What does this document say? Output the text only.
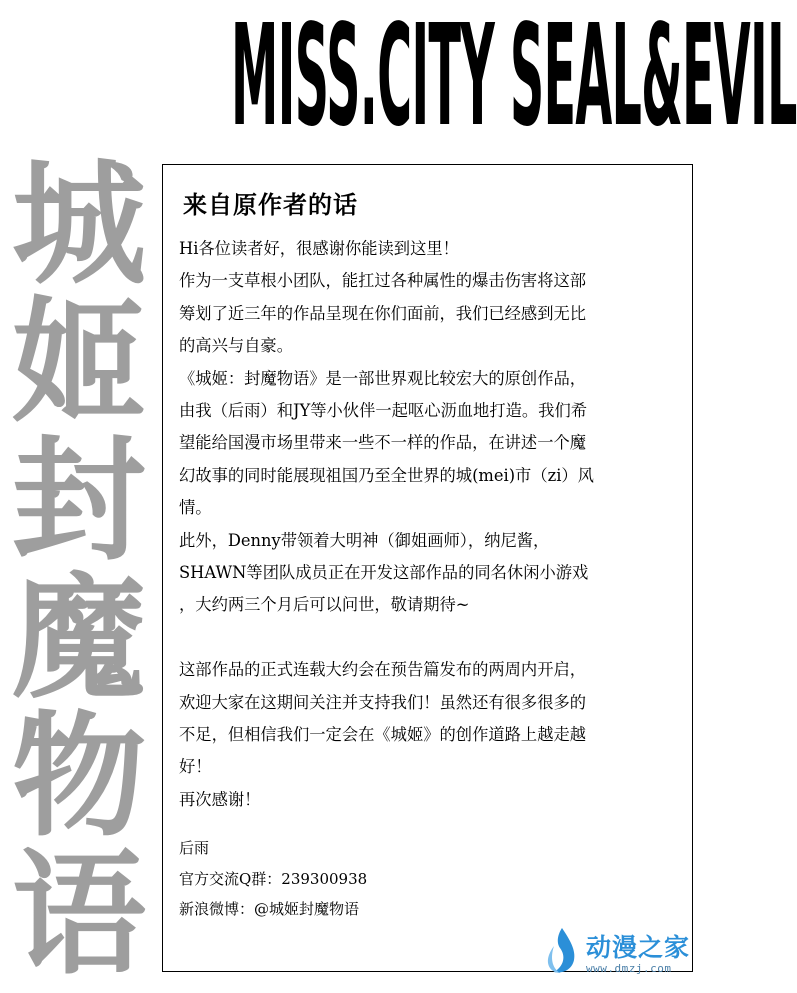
MISS.CITY SEAL&EVIL
城
姬
封
魔
物
语
来自原作者的话
Hi各位读者好，很感谢你能读到这里！
作为一支草根小团队，能扛过各种属性的爆击伤害将这部
筹划了近三年的作品呈现在你们面前，我们已经感到无比
的高兴与自豪。
《城姬：封魔物语》是一部世界观比较宏大的原创作品，
由我（后雨）和JY等小伙伴一起呕心沥血地打造。我们希
望能给国漫市场里带来一些不一样的作品，在讲述一个魔
幻故事的同时能展现祖国乃至全世界的城(mei)市（zi）风
情。
此外，Denny带领着大明神（御姐画师），纳尼酱，
SHAWN等团队成员正在开发这部作品的同名休闲小游戏
，大约两三个月后可以问世，敬请期待~
这部作品的正式连载大约会在预告篇发布的两周内开启，
欢迎大家在这期间关注并支持我们！虽然还有很多很多的
不足，但相信我们一定会在《城姬》的创作道路上越走越
好！
再次感谢！
后雨
官方交流Q群：239300938
新浪微博：@城姬封魔物语
动漫之家
www.dmzj.com
